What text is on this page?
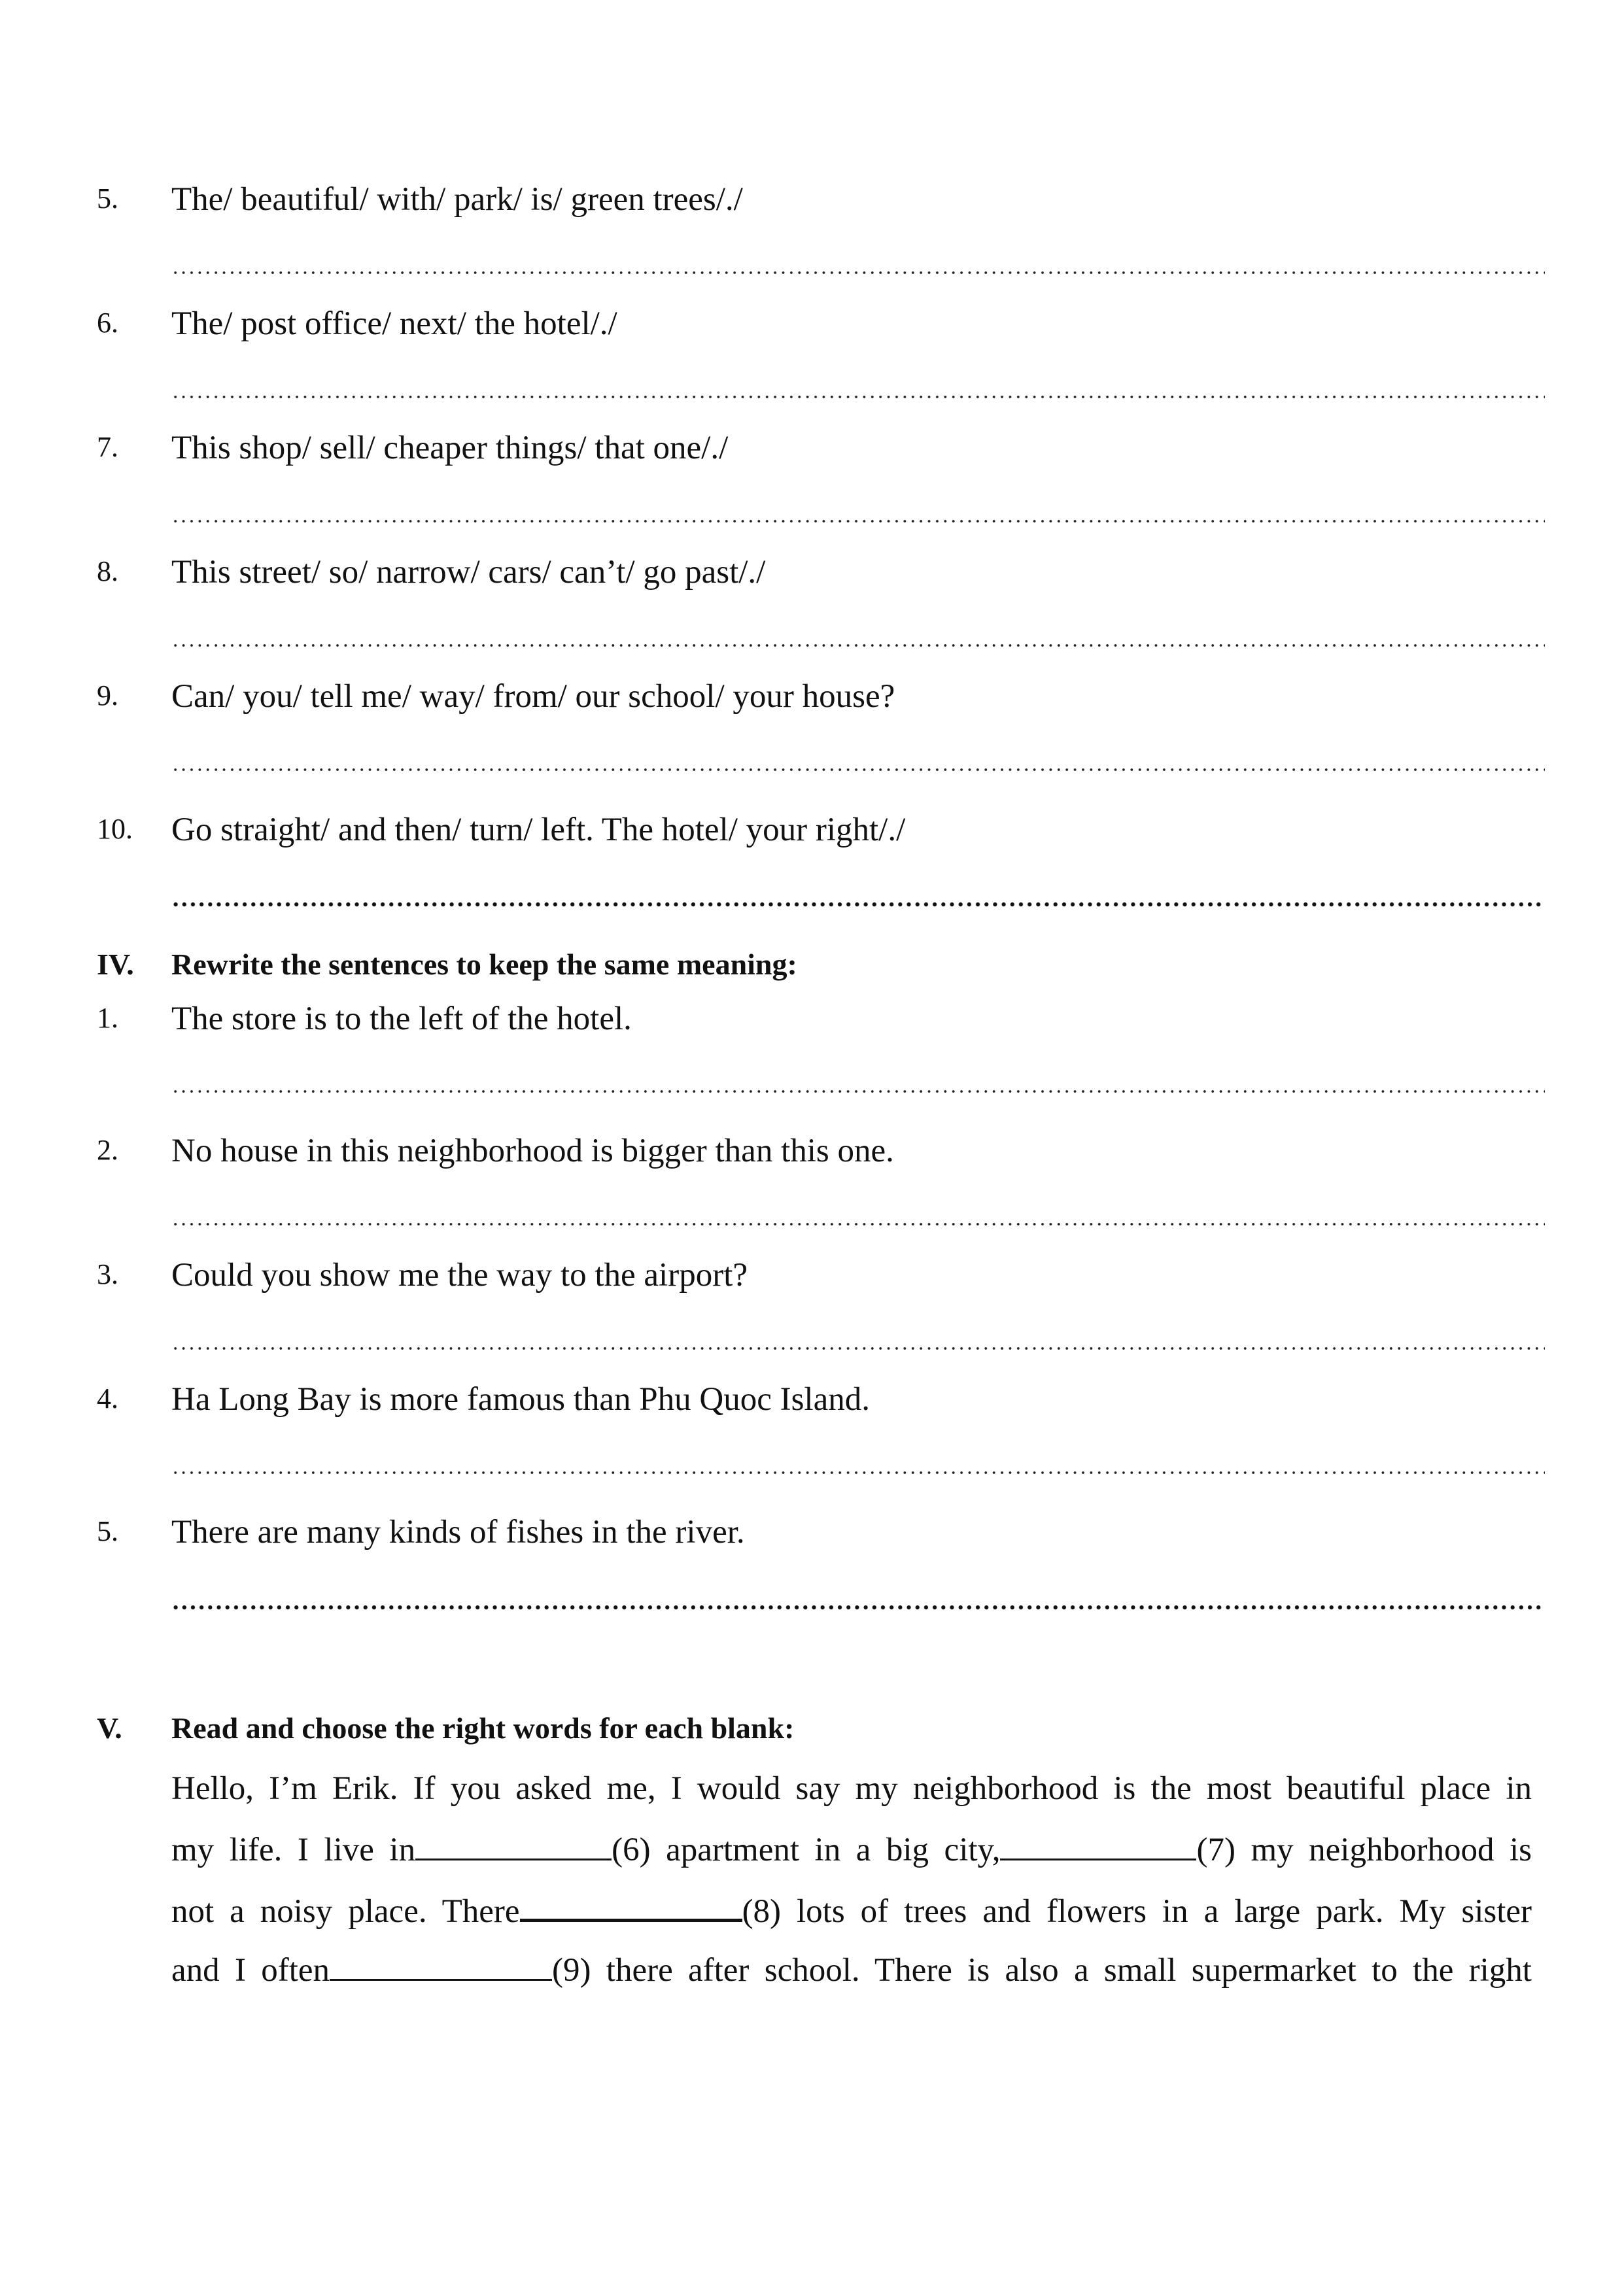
5. The/ beautiful/ with/ park/ is/ green trees/./
6. The/ post office/ next/ the hotel/./
7. This shop/ sell/ cheaper things/ that one/./
8. This street/ so/ narrow/ cars/ can’t/ go past/./
9. Can/ you/ tell me/ way/ from/ our school/ your house?
10. Go straight/ and then/ turn/ left. The hotel/ your right/./
IV. Rewrite the sentences to keep the same meaning:
1. The store is to the left of the hotel.
2. No house in this neighborhood is bigger than this one.
3. Could you show me the way to the airport?
4. Ha Long Bay is more famous than Phu Quoc Island.
5. There are many kinds of fishes in the river.
V. Read and choose the right words for each blank:
Hello, I’m Erik. If you asked me, I would say my neighborhood is the most beautiful place in
my life. I live in	(6) apartment in a big city,	(7) my neighborhood is
not a noisy place. There	(8) lots of trees and flowers in a large park. My sister
and I often	(9) there after school. There is also a small supermarket to the right
